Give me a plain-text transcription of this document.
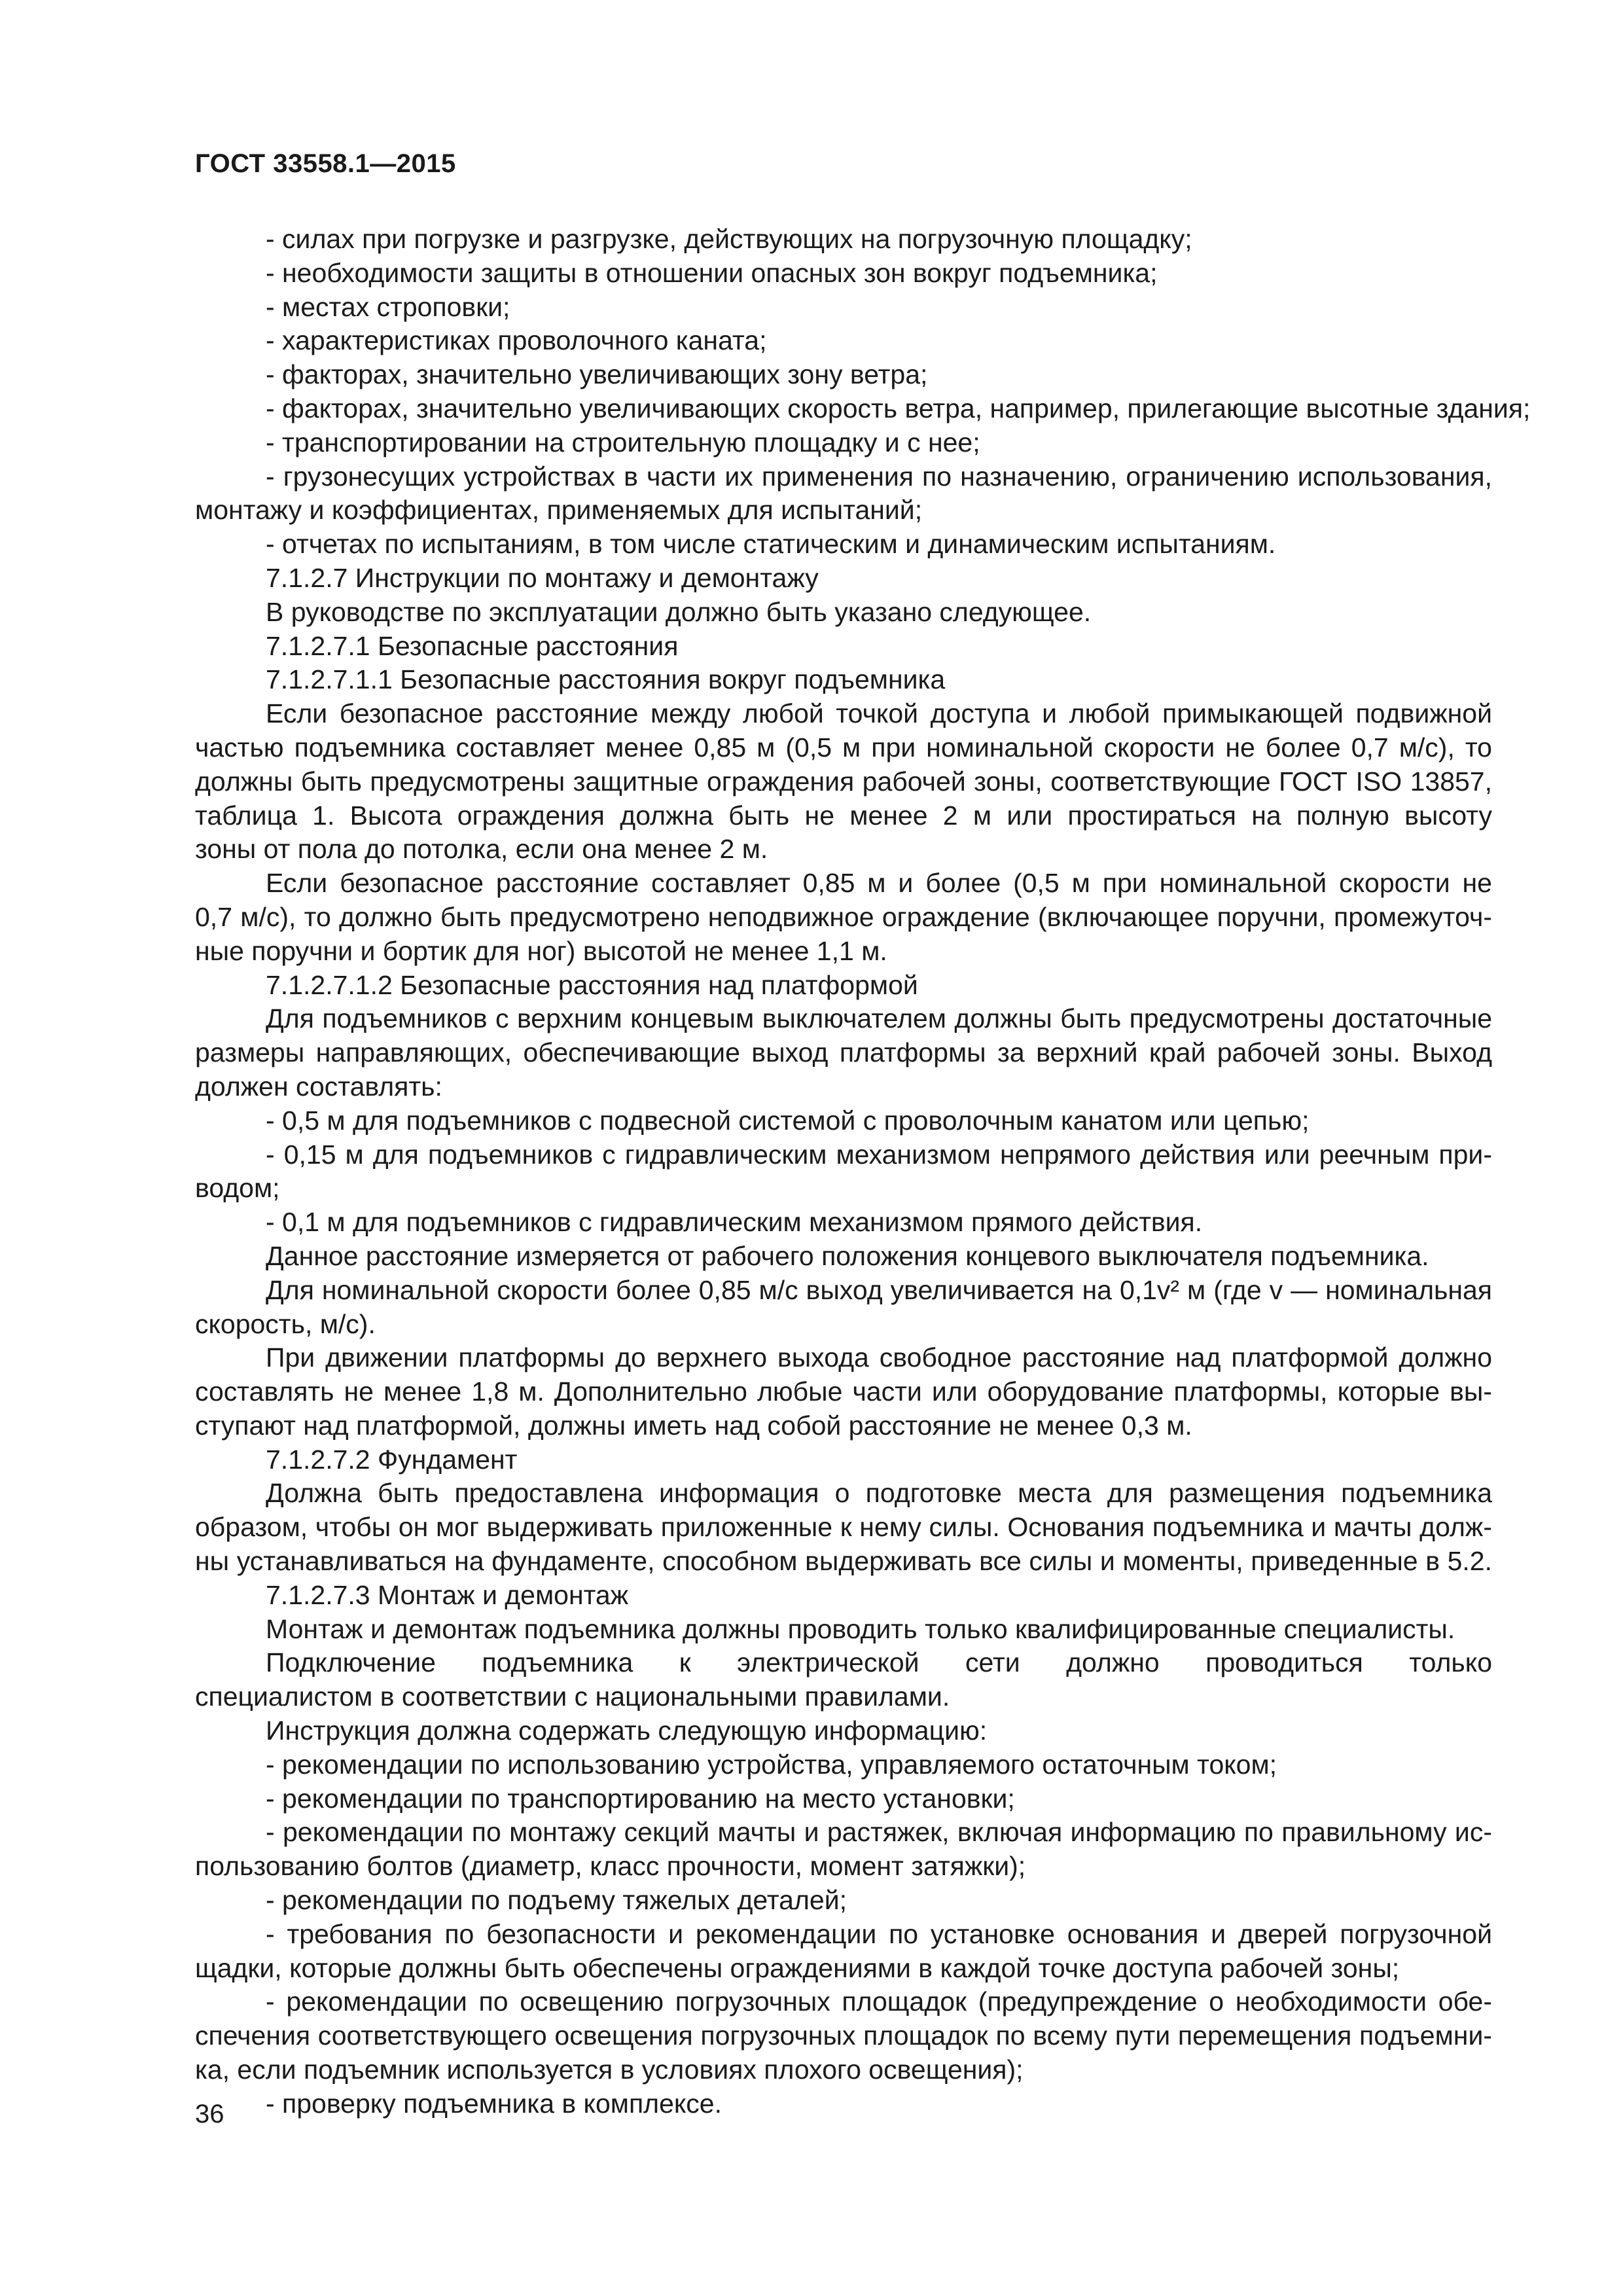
ГОСТ 33558.1—2015
- силах при погрузке и разгрузке, действующих на погрузочную площадку;
- необходимости защиты в отношении опасных зон вокруг подъемника;
- местах строповки;
- характеристиках проволочного каната;
- факторах, значительно увеличивающих зону ветра;
- факторах, значительно увеличивающих скорость ветра, например, прилегающие высотные здания;
- транспортировании на строительную площадку и с нее;
- грузонесущих устройствах в части их применения по назначению, ограничению использования,
монтажу и коэффициентах, применяемых для испытаний;
- отчетах по испытаниям, в том числе статическим и динамическим испытаниям.
7.1.2.7 Инструкции по монтажу и демонтажу
В руководстве по эксплуатации должно быть указано следующее.
7.1.2.7.1 Безопасные расстояния
7.1.2.7.1.1 Безопасные расстояния вокруг подъемника
Если безопасное расстояние между любой точкой доступа и любой примыкающей подвижной
частью подъемника составляет менее 0,85 м (0,5 м при номинальной скорости не более 0,7 м/с), то
должны быть предусмотрены защитные ограждения рабочей зоны, соответствующие ГОСТ ISO 13857,
таблица 1. Высота ограждения должна быть не менее 2 м или простираться на полную высоту
зоны от пола до потолка, если она менее 2 м.
Если безопасное расстояние составляет 0,85 м и более (0,5 м при номинальной скорости не
0,7 м/с), то должно быть предусмотрено неподвижное ограждение (включающее поручни, промежуточ-
ные поручни и бортик для ног) высотой не менее 1,1 м.
7.1.2.7.1.2 Безопасные расстояния над платформой
Для подъемников с верхним концевым выключателем должны быть предусмотрены достаточные
размеры направляющих, обеспечивающие выход платформы за верхний край рабочей зоны. Выход
должен составлять:
- 0,5 м для подъемников с подвесной системой с проволочным канатом или цепью;
- 0,15 м для подъемников с гидравлическим механизмом непрямого действия или реечным при-
водом;
- 0,1 м для подъемников с гидравлическим механизмом прямого действия.
Данное расстояние измеряется от рабочего положения концевого выключателя подъемника.
Для номинальной скорости более 0,85 м/с выход увеличивается на 0,1v² м (где v — номинальная
скорость, м/с).
При движении платформы до верхнего выхода свободное расстояние над платформой должно
составлять не менее 1,8 м. Дополнительно любые части или оборудование платформы, которые вы-
ступают над платформой, должны иметь над собой расстояние не менее 0,3 м.
7.1.2.7.2 Фундамент
Должна быть предоставлена информация о подготовке места для размещения подъемника
образом, чтобы он мог выдерживать приложенные к нему силы. Основания подъемника и мачты долж-
ны устанавливаться на фундаменте, способном выдерживать все силы и моменты, приведенные в 5.2.
7.1.2.7.3 Монтаж и демонтаж
Монтаж и демонтаж подъемника должны проводить только квалифицированные специалисты.
Подключение подъемника к электрической сети должно проводиться только
специалистом в соответствии с национальными правилами.
Инструкция должна содержать следующую информацию:
- рекомендации по использованию устройства, управляемого остаточным током;
- рекомендации по транспортированию на место установки;
- рекомендации по монтажу секций мачты и растяжек, включая информацию по правильному ис-
пользованию болтов (диаметр, класс прочности, момент затяжки);
- рекомендации по подъему тяжелых деталей;
- требования по безопасности и рекомендации по установке основания и дверей погрузочной
щадки, которые должны быть обеспечены ограждениями в каждой точке доступа рабочей зоны;
- рекомендации по освещению погрузочных площадок (предупреждение о необходимости обе-
спечения соответствующего освещения погрузочных площадок по всему пути перемещения подъемни-
ка, если подъемник используется в условиях плохого освещения);
- проверку подъемника в комплексе.
36
